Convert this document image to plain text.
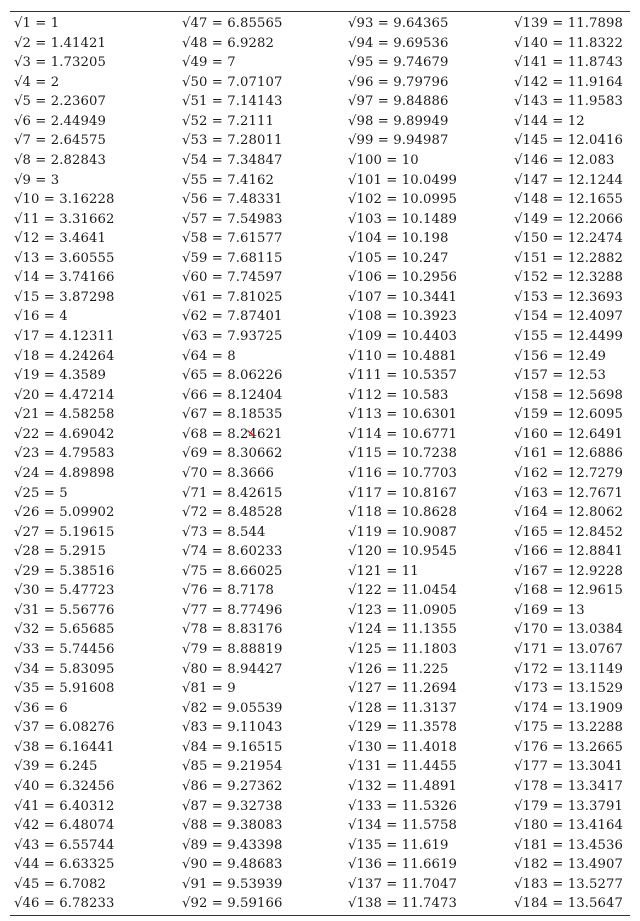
√1 = 1
√2 = 1.41421
√3 = 1.73205
√4 = 2
√5 = 2.23607
√6 = 2.44949
√7 = 2.64575
√8 = 2.82843
√9 = 3
√10 = 3.16228
√11 = 3.31662
√12 = 3.4641
√13 = 3.60555
√14 = 3.74166
√15 = 3.87298
√16 = 4
√17 = 4.12311
√18 = 4.24264
√19 = 4.3589
√20 = 4.47214
√21 = 4.58258
√22 = 4.69042
√23 = 4.79583
√24 = 4.89898
√25 = 5
√26 = 5.09902
√27 = 5.19615
√28 = 5.2915
√29 = 5.38516
√30 = 5.47723
√31 = 5.56776
√32 = 5.65685
√33 = 5.74456
√34 = 5.83095
√35 = 5.91608
√36 = 6
√37 = 6.08276
√38 = 6.16441
√39 = 6.245
√40 = 6.32456
√41 = 6.40312
√42 = 6.48074
√43 = 6.55744
√44 = 6.63325
√45 = 6.7082
√46 = 6.78233
√47 = 6.85565
√48 = 6.9282
√49 = 7
√50 = 7.07107
√51 = 7.14143
√52 = 7.2111
√53 = 7.28011
√54 = 7.34847
√55 = 7.4162
√56 = 7.48331
√57 = 7.54983
√58 = 7.61577
√59 = 7.68115
√60 = 7.74597
√61 = 7.81025
√62 = 7.87401
√63 = 7.93725
√64 = 8
√65 = 8.06226
√66 = 8.12404
√67 = 8.18535
√68 = 8.24621
√69 = 8.30662
√70 = 8.3666
√71 = 8.42615
√72 = 8.48528
√73 = 8.544
√74 = 8.60233
√75 = 8.66025
√76 = 8.7178
√77 = 8.77496
√78 = 8.83176
√79 = 8.88819
√80 = 8.94427
√81 = 9
√82 = 9.05539
√83 = 9.11043
√84 = 9.16515
√85 = 9.21954
√86 = 9.27362
√87 = 9.32738
√88 = 9.38083
√89 = 9.43398
√90 = 9.48683
√91 = 9.53939
√92 = 9.59166
√93 = 9.64365
√94 = 9.69536
√95 = 9.74679
√96 = 9.79796
√97 = 9.84886
√98 = 9.89949
√99 = 9.94987
√100 = 10
√101 = 10.0499
√102 = 10.0995
√103 = 10.1489
√104 = 10.198
√105 = 10.247
√106 = 10.2956
√107 = 10.3441
√108 = 10.3923
√109 = 10.4403
√110 = 10.4881
√111 = 10.5357
√112 = 10.583
√113 = 10.6301
√114 = 10.6771
√115 = 10.7238
√116 = 10.7703
√117 = 10.8167
√118 = 10.8628
√119 = 10.9087
√120 = 10.9545
√121 = 11
√122 = 11.0454
√123 = 11.0905
√124 = 11.1355
√125 = 11.1803
√126 = 11.225
√127 = 11.2694
√128 = 11.3137
√129 = 11.3578
√130 = 11.4018
√131 = 11.4455
√132 = 11.4891
√133 = 11.5326
√134 = 11.5758
√135 = 11.619
√136 = 11.6619
√137 = 11.7047
√138 = 11.7473
√139 = 11.7898
√140 = 11.8322
√141 = 11.8743
√142 = 11.9164
√143 = 11.9583
√144 = 12
√145 = 12.0416
√146 = 12.083
√147 = 12.1244
√148 = 12.1655
√149 = 12.2066
√150 = 12.2474
√151 = 12.2882
√152 = 12.3288
√153 = 12.3693
√154 = 12.4097
√155 = 12.4499
√156 = 12.49
√157 = 12.53
√158 = 12.5698
√159 = 12.6095
√160 = 12.6491
√161 = 12.6886
√162 = 12.7279
√163 = 12.7671
√164 = 12.8062
√165 = 12.8452
√166 = 12.8841
√167 = 12.9228
√168 = 12.9615
√169 = 13
√170 = 13.0384
√171 = 13.0767
√172 = 13.1149
√173 = 13.1529
√174 = 13.1909
√175 = 13.2288
√176 = 13.2665
√177 = 13.3041
√178 = 13.3417
√179 = 13.3791
√180 = 13.4164
√181 = 13.4536
√182 = 13.4907
√183 = 13.5277
√184 = 13.5647
